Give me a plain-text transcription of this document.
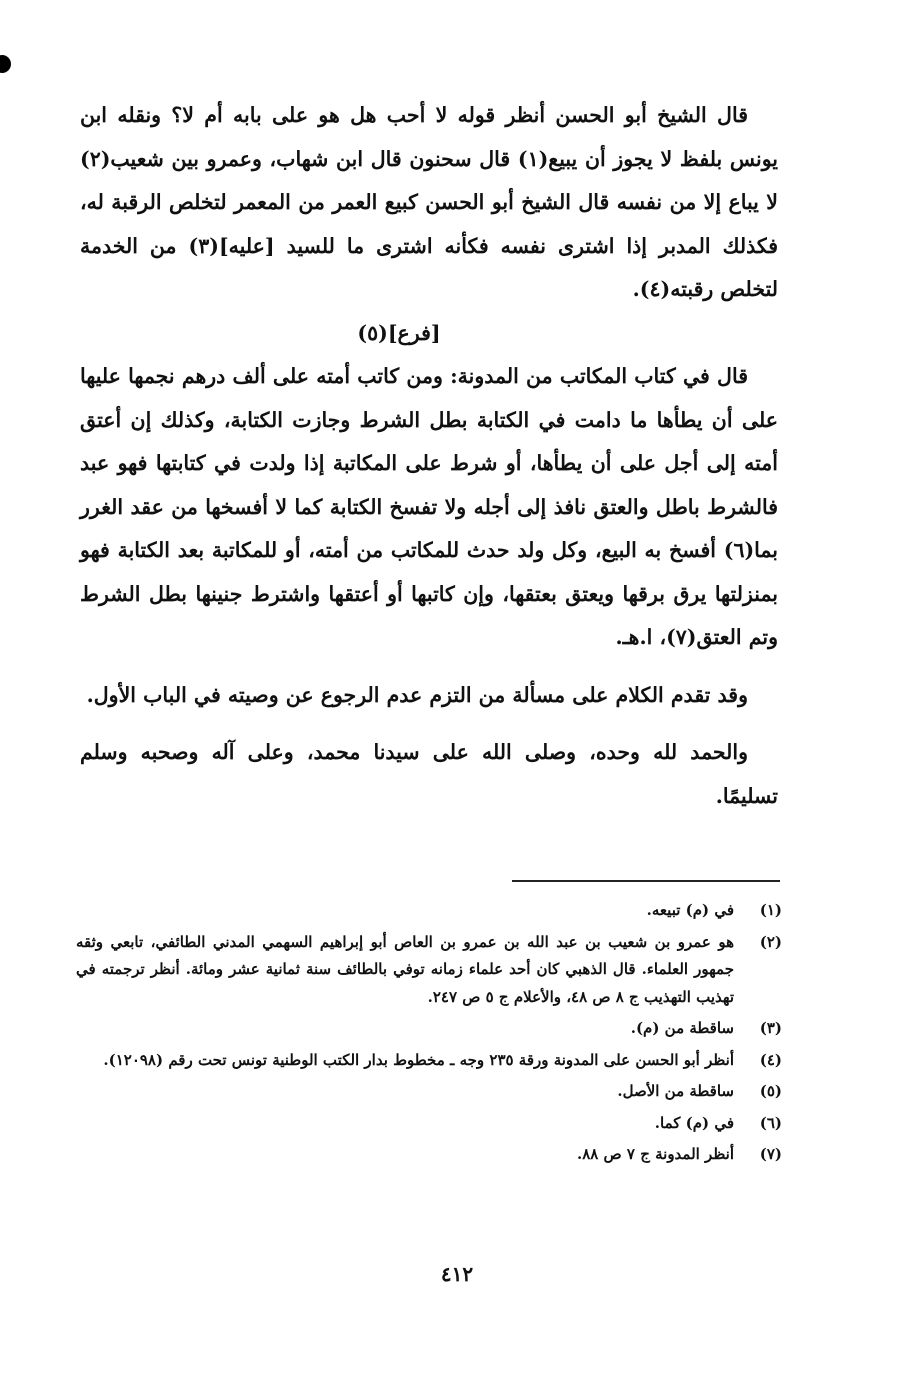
قال الشيخ أبو الحسن أنظر قوله لا أحب هل هو على بابه أم لا؟ ونقله ابن يونس بلفظ لا يجوز أن يبيع(١) قال سحنون قال ابن شهاب، وعمرو بين شعيب(٢) لا يباع إلا من نفسه قال الشيخ أبو الحسن كبيع العمر من المعمر لتخلص الرقبة له، فكذلك المدبر إذا اشترى نفسه فكأنه اشترى ما للسيد [عليه](٣) من الخدمة لتخلص رقبته(٤).

[فرع](٥)

قال في كتاب المكاتب من المدونة: ومن كاتب أمته على ألف درهم نجمها عليها على أن يطأها ما دامت في الكتابة بطل الشرط وجازت الكتابة، وكذلك إن أعتق أمته إلى أجل على أن يطأها، أو شرط على المكاتبة إذا ولدت في كتابتها فهو عبد فالشرط باطل والعتق نافذ إلى أجله ولا تفسخ الكتابة كما لا أفسخها من عقد الغرر بما(٦) أفسخ به البيع، وكل ولد حدث للمكاتب من أمته، أو للمكاتبة بعد الكتابة فهو بمنزلتها يرق برقها ويعتق بعتقها، وإن كاتبها أو أعتقها واشترط جنينها بطل الشرط وتم العتق(٧)، ا.هـ.

وقد تقدم الكلام على مسألة من التزم عدم الرجوع عن وصيته في الباب الأول.

والحمد لله وحده، وصلى الله على سيدنا محمد، وعلى آله وصحبه وسلم تسليمًا.

(١)
في (م) تبيعه.
(٢)
هو عمرو بن شعيب بن عبد الله بن عمرو بن العاص أبو إبراهيم السهمي المدني الطائفي، تابعي وثقه جمهور العلماء. قال الذهبي كان أحد علماء زمانه توفي بالطائف سنة ثمانية عشر ومائة. أنظر ترجمته في تهذيب التهذيب ج ٨ ص ٤٨، والأعلام ج ٥ ص ٢٤٧.
(٣)
ساقطة من (م).
(٤)
أنظر أبو الحسن على المدونة ورقة ٢٣٥ وجه ـ مخطوط بدار الكتب الوطنية تونس تحت رقم (١٢٠٩٨).
(٥)
ساقطة من الأصل.
(٦)
في (م) كما.
(٧)
أنظر المدونة ج ٧ ص ٨٨.
٤١٢
